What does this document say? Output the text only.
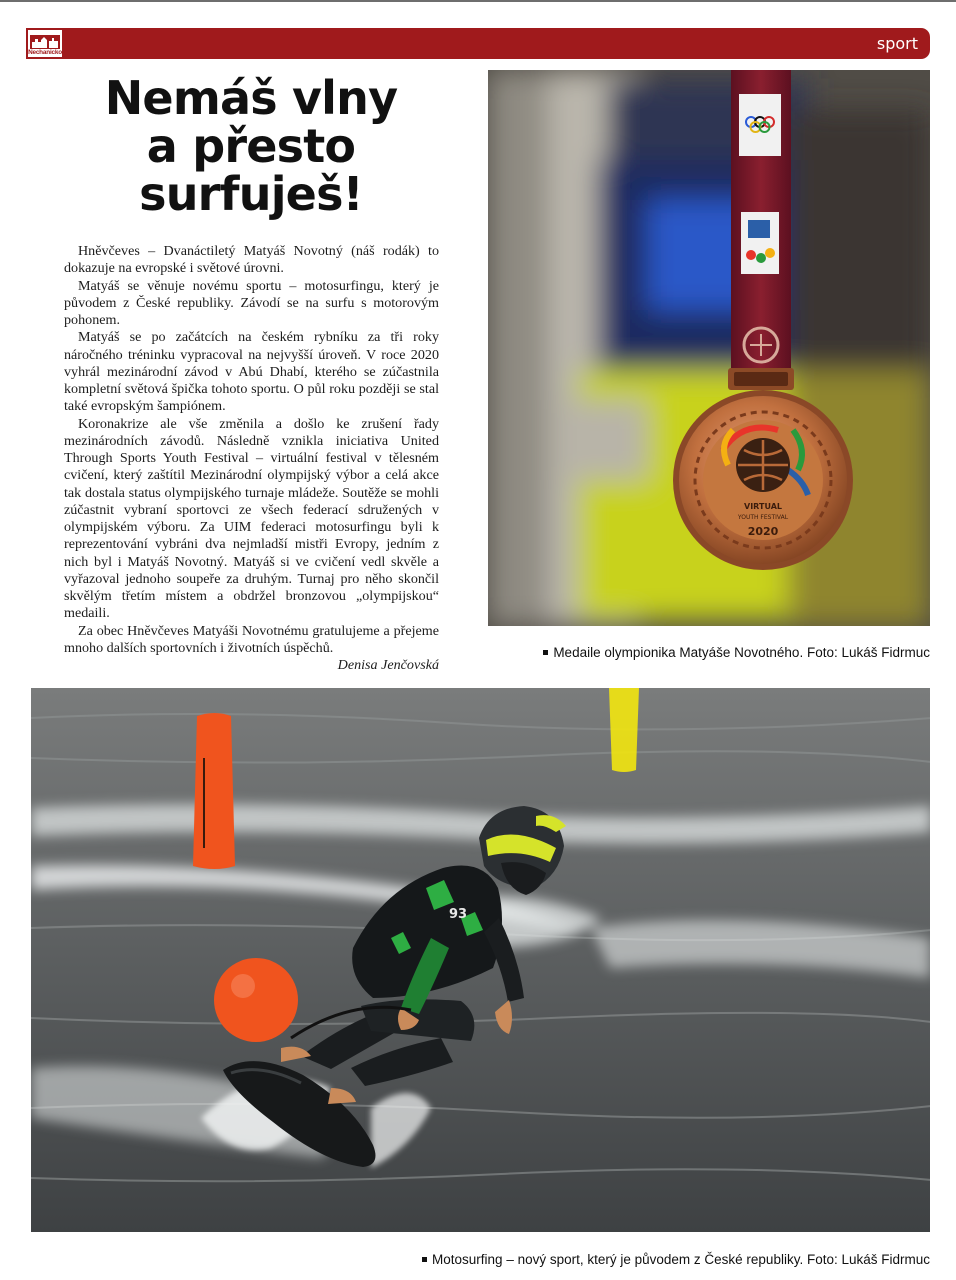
Nechanicko	sport
Nemáš vlny
a přesto
surfuješ!

Hněvčeves – Dvanáctiletý Matyáš Novotný (náš rodák) to dokazuje na evropské i světové úrovni.

Matyáš se věnuje novému sportu – motosurfingu, který je původem z České republiky. Závodí se na surfu s motorovým pohonem.

Matyáš se po začátcích na českém rybníku za tři roky náročného tréninku vypracoval na nejvyšší úroveň. V roce 2020 vyhrál mezinárodní závod v Abú Dhabí, kterého se zúčastnila kompletní světová špička tohoto sportu. O půl roku později se stal také evropským šampiónem.

Koronakrize ale vše změnila a došlo ke zrušení řady mezinárodních závodů. Následně vznikla iniciativa United Through Sports Youth Festival – virtuální festival v tělesném cvičení, který zaštítil Mezinárodní olympijský výbor a celá akce tak dostala status olympijského turnaje mládeže. Soutěže se mohli zúčastnit vybraní sportovci ze všech federací sdružených v olympijském výboru. Za UIM federaci motosurfingu byli k reprezentování vybráni dva nejmladší mistři Evropy, jedním z nich byl i Matyáš Novotný. Matyáš si ve cvičení vedl skvěle a vyřazoval jednoho soupeře za druhým. Turnaj pro něho skončil skvělým třetím místem a obdržel bronzovou „olympijskou“ medaili.

Za obec Hněvčeves Matyáši Novotnému gratulujeme a přejeme mnoho dalších sportovních i životních úspěchů.

Denisa Jenčovská
VIRTUAL
YOUTH FESTIVAL
2020
Medaile olympionika Matyáše Novotného. Foto: Lukáš Fidrmuc
93
Motosurfing – nový sport, který je původem z České republiky. Foto: Lukáš Fidrmuc
